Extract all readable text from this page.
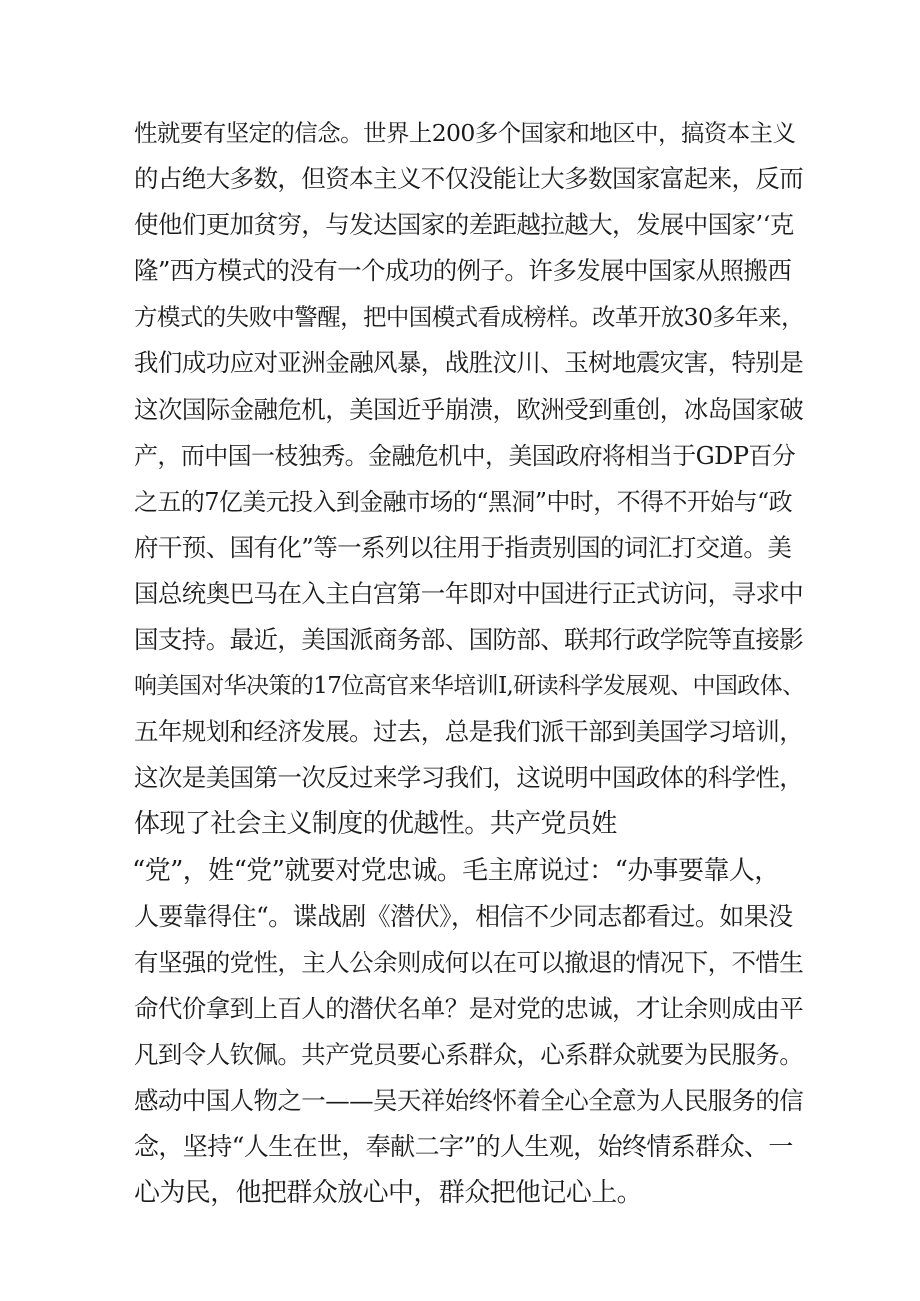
性就要有坚定的信念。世界上200多个国家和地区中，搞资本主义
的占绝大多数，但资本主义不仅没能让大多数国家富起来，反而
使他们更加贫穷，与发达国家的差距越拉越大，发展中国家’‘克
隆”西方模式的没有一个成功的例子。许多发展中国家从照搬西
方模式的失败中警醒，把中国模式看成榜样。改革开放30多年来，
我们成功应对亚洲金融风暴，战胜汶川、玉树地震灾害，特别是
这次国际金融危机，美国近乎崩溃，欧洲受到重创，冰岛国家破
产，而中国一枝独秀。金融危机中，美国政府将相当于GDP百分
之五的7亿美元投入到金融市场的“黑洞”中时，不得不开始与“政
府干预、国有化”等一系列以往用于指责别国的词汇打交道。美
国总统奥巴马在入主白宫第一年即对中国进行正式访问，寻求中
国支持。最近，美国派商务部、国防部、联邦行政学院等直接影
响美国对华决策的17位高官来华培训I,研读科学发展观、中国政体、
五年规划和经济发展。过去，总是我们派干部到美国学习培训，
这次是美国第一次反过来学习我们，这说明中国政体的科学性，
体现了社会主义制度的优越性。共产党员姓
“党”，姓“党”就要对党忠诚。毛主席说过：“办事要靠人，
人要靠得住“。谍战剧《潜伏》，相信不少同志都看过。如果没
有坚强的党性，主人公余则成何以在可以撤退的情况下，不惜生
命代价拿到上百人的潜伏名单？是对党的忠诚，才让余则成由平
凡到令人钦佩。共产党员要心系群众，心系群众就要为民服务。
感动中国人物之一——吴天祥始终怀着全心全意为人民服务的信
念，坚持“人生在世，奉献二字”的人生观，始终情系群众、一
心为民，他把群众放心中，群众把他记心上。
